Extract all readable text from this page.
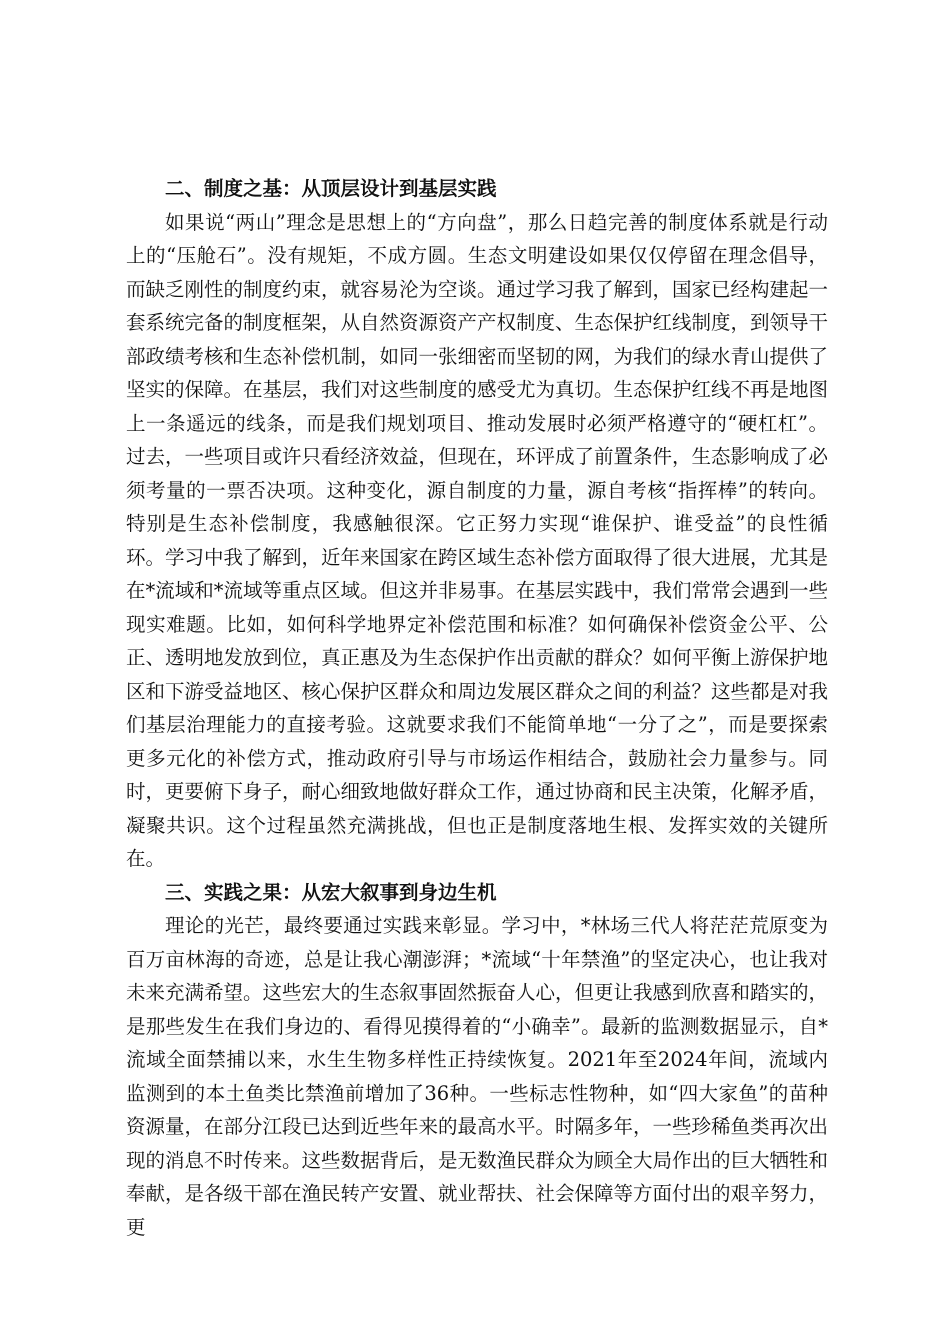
二、制度之基：从顶层设计到基层实践

如果说“两山”理念是思想上的“方向盘”，那么日趋完善的制度体系就是行动上的“压舱石”。没有规矩，不成方圆。生态文明建设如果仅仅停留在理念倡导，而缺乏刚性的制度约束，就容易沦为空谈。通过学习我了解到，国家已经构建起一套系统完备的制度框架，从自然资源资产产权制度、生态保护红线制度，到领导干部政绩考核和生态补偿机制，如同一张细密而坚韧的网，为我们的绿水青山提供了坚实的保障。在基层，我们对这些制度的感受尤为真切。生态保护红线不再是地图上一条遥远的线条，而是我们规划项目、推动发展时必须严格遵守的“硬杠杠”。过去，一些项目或许只看经济效益，但现在，环评成了前置条件，生态影响成了必须考量的一票否决项。这种变化，源自制度的力量，源自考核“指挥棒”的转向。特别是生态补偿制度，我感触很深。它正努力实现“谁保护、谁受益”的良性循环。学习中我了解到，近年来国家在跨区域生态补偿方面取得了很大进展，尤其是在*流域和*流域等重点区域。但这并非易事。在基层实践中，我们常常会遇到一些现实难题。比如，如何科学地界定补偿范围和标准？如何确保补偿资金公平、公正、透明地发放到位，真正惠及为生态保护作出贡献的群众？如何平衡上游保护地区和下游受益地区、核心保护区群众和周边发展区群众之间的利益？这些都是对我们基层治理能力的直接考验。这就要求我们不能简单地“一分了之”，而是要探索更多元化的补偿方式，推动政府引导与市场运作相结合，鼓励社会力量参与。同时，更要俯下身子，耐心细致地做好群众工作，通过协商和民主决策，化解矛盾，凝聚共识。这个过程虽然充满挑战，但也正是制度落地生根、发挥实效的关键所在。

三、实践之果：从宏大叙事到身边生机

理论的光芒，最终要通过实践来彰显。学习中，*林场三代人将茫茫荒原变为百万亩林海的奇迹，总是让我心潮澎湃；*流域“十年禁渔”的坚定决心，也让我对未来充满希望。这些宏大的生态叙事固然振奋人心，但更让我感到欣喜和踏实的，是那些发生在我们身边的、看得见摸得着的“小确幸”。最新的监测数据显示，自*流域全面禁捕以来，水生生物多样性正持续恢复。2021年至2024年间，流域内监测到的本土鱼类比禁渔前增加了36种。一些标志性物种，如“四大家鱼”的苗种资源量，在部分江段已达到近些年来的最高水平。时隔多年，一些珍稀鱼类再次出现的消息不时传来。这些数据背后，是无数渔民群众为顾全大局作出的巨大牺牲和奉献，是各级干部在渔民转产安置、就业帮扶、社会保障等方面付出的艰辛努力，更
